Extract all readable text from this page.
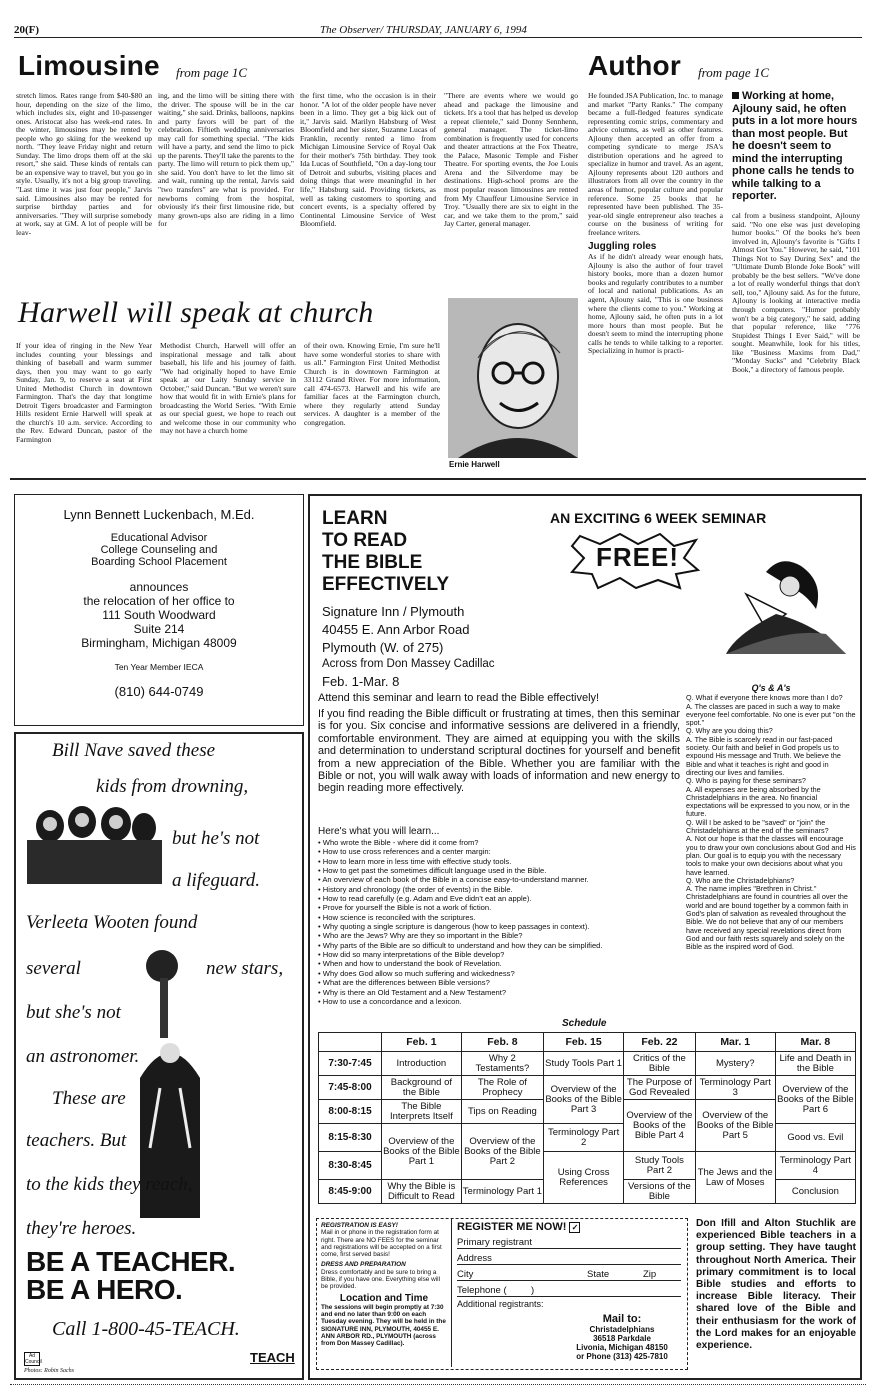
20(F)	The Observer/ THURSDAY, JANUARY 6, 1994
Limousine from page 1C

stretch limos. Rates range from $40-$80 an hour, depending on the size of the limo, which includes six, eight and 10-passenger ones. Aristocat also has week-end rates. In the winter, limousines may be rented by people who go skiing for the weekend up north. "They leave Friday night and return Sunday. The limo drops them off at the ski resort," she said. These kinds of rentals can be an expensive way to travel, but you go in style. Usually, it's not a big group traveling. "Last time it was just four people," Jarvis said. Limousines also may be rented for surprise birthday parties and for anniversaries. "They will surprise somebody at work, say at GM. A lot of people will be leav-

ing, and the limo will be sitting there with the driver. The spouse will be in the car waiting," she said. Drinks, balloons, napkins and party favors will be part of the celebration. Fiftieth wedding anniversaries may call for something special. "The kids will have a party, and send the limo to pick up the parents. They'll take the parents to the party. The limo will return to pick them up," she said. You don't have to let the limo sit and wait, running up the rental, Jarvis said "two transfers" are what is provided. For newborns coming from the hospital, obviously it's their first limousine ride, but many grown-ups also are riding in a limo for

the first time, who the occasion is in their honor. "A lot of the older people have never been in a limo. They get a big kick out of it," Jarvis said. Marilyn Habsburg of West Bloomfield and her sister, Suzanne Lucas of Franklin, recently rented a limo from Michigan Limousine Service of Royal Oak for their mother's 75th birthday. They took Ida Lucas of Southfield, "On a day-long tour of Detroit and suburbs, visiting places and doing things that were meaningful in her life," Habsburg said. Providing tickets, as well as taking customers to sporting and concert events, is a specialty offered by Continental Limousine Service of West Bloomfield.

"There are events where we would go ahead and package the limousine and tickets. It's a tool that has helped us develop a repeat clientele," said Donny Sennhenn, general manager. The ticket-limo combination is frequently used for concerts and theater attractions at the Fox Theatre, the Palace, Masonic Temple and Fisher Theatre. For sporting events, the Joe Louis Arena and the Silverdome may be destinations. High-school proms are the most popular reason limousines are rented from My Chauffeur Limousine Service in Troy. "Usually there are six to eight in the car, and we take them to the prom," said Jay Carter, general manager.

Author from page 1C

He founded JSA Publication, Inc. to manage and market "Party Ranks." The company became a full-fledged features syndicate representing comic strips, commentary and advice columns, as well as other features. Ajlouny then accepted an offer from a competing syndicate to merge JSA's distribution operations and he agreed to specialize in humor and travel. As an agent, Ajlouny represents about 120 authors and illustrators from all over the country in the areas of humor, popular culture and popular reference. Some 25 books that he represented have been published. The 35-year-old single entrepreneur also teaches a course on the business of writing for freelance writers.

Juggling roles

As if he didn't already wear enough hats, Ajlouny is also the author of four travel history books, more than a dozen humor books and regularly contributes to a number of local and national publications. As an agent, Ajlouny said, "This is one business where the clients come to you." Working at home, Ajlouny said, he often puts in a lot more hours than most people. But he doesn't seem to mind the interrupting phone calls he tends to while talking to a reporter. Specializing in humor is practi-

Working at home, Ajlouny said, he often puts in a lot more hours than most people. But he doesn't seem to mind the interrupting phone calls he tends to while talking to a reporter.

cal from a business standpoint, Ajlouny said. "No one else was just developing humor books." Of the books he's been involved in, Ajlouny's favorite is "Gifts I Almost Got You." However, he said, "101 Things Not to Say During Sex" and the "Ultimate Dumb Blonde Joke Book" will probably be the best sellers. "We've done a lot of really wonderful things that don't sell, too," Ajlouny said. As for the future, Ajlouny is looking at interactive media through computers. "Humor probably won't be a big category," he said, adding that popular reference, like "776 Stupidest Things I Ever Said," will be sought. Meanwhile, look for his titles, like "Business Maxims from Dad," "Monday Sucks" and "Celebrity Black Book," a directory of famous people.

Harwell will speak at church

If your idea of ringing in the New Year includes counting your blessings and thinking of baseball and warm summer days, then you may want to go early Sunday, Jan. 9, to reserve a seat at First United Methodist Church in downtown Farmington. That's the day that longtime Detroit Tigers broadcaster and Farmington Hills resident Ernie Harwell will speak at the church's 10 a.m. service. According to the Rev. Edward Duncan, pastor of the Farmington

Methodist Church, Harwell will offer an inspirational message and talk about baseball, his life and his journey of faith. "We had originally hoped to have Ernie speak at our Laity Sunday service in October," said Duncan. "But we weren't sure how that would fit in with Ernie's plans for broadcasting the World Series. "With Ernie as our special guest, we hope to reach out and welcome those in our community who may not have a church home

of their own. Knowing Ernie, I'm sure he'll have some wonderful stories to share with us all." Farmington First United Methodist Church is in downtown Farmington at 33112 Grand River. For more information, call 474-6573. Harwell and his wife are familiar faces at the Farmington church, where they regularly attend Sunday services. A daughter is a member of the congregation.

Ernie Harwell
Lynn Bennett Luckenbach, M.Ed.
Educational Advisor
College Counseling and
Boarding School Placement
announces
the relocation of her office to
111 South Woodward
Suite 214
Birmingham, Michigan 48009
Ten Year Member IECA
(810) 644-0749
Bill Nave saved these
kids from drowning,
but he's not
a lifeguard.
Verleeta Wooten found
several	new stars,
but she's not
an astronomer.
These are
teachers. But
to the kids they reach,
they're heroes.
BE A TEACHER.
BE A HERO.
Call 1-800-45-TEACH.
Ad Council	TEACH
Photos: Robin Sachs
LEARN
TO READ
THE BIBLE
EFFECTIVELY
AN EXCITING 6 WEEK SEMINAR
FREE!
Signature Inn / Plymouth
40455 E. Ann Arbor Road
Plymouth (W. of 275)
Across from Don Massey Cadillac
Feb. 1-Mar. 8
Attend this seminar and learn to read the Bible effectively!
If you find reading the Bible difficult or frustrating at times, then this seminar is for you. Six concise and informative sessions are delivered in a friendly, comfortable environment. They are aimed at equipping you with the skills and determination to understand scriptural doctines for yourself and benefit from a new appreciation of the Bible. Whether you are familiar with the Bible or not, you will walk away with loads of information and new energy to begin reading more effectively.
Here's what you will learn...
• Who wrote the Bible - where did it come from?
• How to use cross references and a center margin:
• How to learn more in less time with effective study tools.
• How to get past the sometimes difficult language used in the Bible.
• An overview of each book of the Bible in a concise easy-to-understand manner.
• History and chronology (the order of events) in the Bible.
• How to read carefully (e.g. Adam and Eve didn't eat an apple).
• Prove for yourself the Bible is not a work of fiction.
• How science is reconciled with the scriptures.
• Why quoting a single scripture is dangerous (how to keep passages in context).
• Who are the Jews? Why are they so important in the Bible?
• Why parts of the Bible are so difficult to understand and how they can be simplified.
• How did so many interpretations of the Bible develop?
• When and how to understand the book of Revelation.
• Why does God allow so much suffering and wickedness?
• What are the differences between Bible versions?
• Why is there an Old Testament and a New Testament?
• How to use a concordance and a lexicon.

Q's & A's

Q. What if everyone there knows more than I do?

A. The classes are paced in such a way to make everyone feel comfortable. No one is ever put "on the spot."

Q. Why are you doing this?

A. The Bible is scarcely read in our fast-paced society. Our faith and belief in God propels us to expound His message and Truth. We believe the Bible and what it teaches is right and good in directing our lives and families.

Q. Who is paying for these seminars?

A. All expenses are being absorbed by the Christadelphians in the area. No financial expectations will be expressed to you now, or in the future.

Q. Will I be asked to be "saved" or "join" the Christadelphians at the end of the seminars?

A. Not our hope is that the classes will encourage you to draw your own conclusions about God and His plan. Our goal is to equip you with the necessary tools to make your own decisions about what you have learned.

Q. Who are the Christadelphians?

A. The name implies "Brethren in Christ." Christadelphians are found in countries all over the world and are bound together by a common faith in God's plan of salvation as revealed throughout the Bible. We do not believe that any of our members have received any special revelations direct from God and our faith rests squarely and solely on the Bible as the inspired word of God.

Schedule
	Feb. 1	Feb. 8	Feb. 15	Feb. 22	Mar. 1	Mar. 8
7:30-7:45	Introduction	Why 2 Testaments?	Study Tools Part 1	Critics of the Bible	Mystery?	Life and Death in the Bible
7:45-8:00	Background of the Bible	The Role of Prophecy	Overview of the Books of the Bible Part 3	The Purpose of God Revealed	Terminology Part 3	Overview of the Books of the Bible Part 6
8:00-8:15	The Bible Interprets Itself	Tips on Reading		Overview of the Books of the Bible Part 4	Overview of the Books of the Bible Part 5	
8:15-8:30	Overview of the Books of the Bible Part 1	Overview of the Books of the Bible Part 2	Terminology Part 2			Good vs. Evil
8:30-8:45			Using Cross References	Study Tools Part 2	The Jews and the Law of Moses	Terminology Part 4
8:45-9:00	Why the Bible is Difficult to Read	Terminology Part 1		Versions of the Bible		Conclusion
REGISTRATION IS EASY!
Mail in or phone in the registration form at right. There are NO FEES for the seminar and registrations will be accepted on a first come, first served basis!
DRESS AND PREPARATION
Dress comfortably and be sure to bring a Bible, if you have one. Everything else will be provided.
Location and Time
The sessions will begin promptly at 7:30 and end no later than 9:00 on each Tuesday evening. They will be held in the SIGNATURE INN, PLYMOUTH, 40455 E. ANN ARBOR RD., PLYMOUTH (across from Don Massey Cadillac).
REGISTER ME NOW! ✓
Primary registrant
Address
City	State	Zip
Telephone (	)
Additional registrants:
Mail to:
Christadelphians
36518 Parkdale
Livonia, Michigan 48150
or Phone (313) 425-7810
Don Ifill and Alton Stuchlik are experienced Bible teachers in a group setting. They have taught throughout North America. Their primary commitment is to local Bible studies and efforts to increase Bible literacy. Their shared love of the Bible and their enthusiasm for the work of the Lord makes for an enjoyable experience.
